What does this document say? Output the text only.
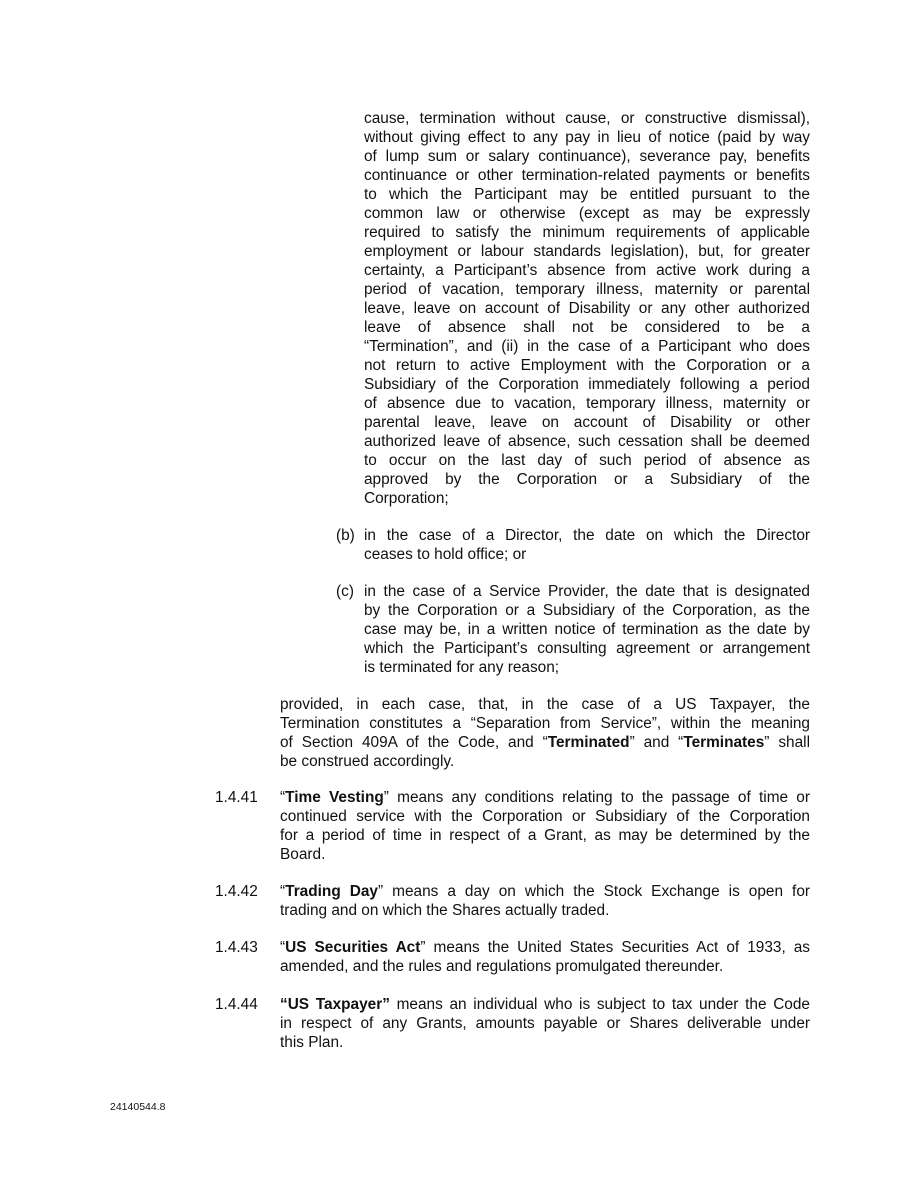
cause, termination without cause, or constructive dismissal),
without giving effect to any pay in lieu of notice (paid by way
of lump sum or salary continuance), severance pay, benefits
continuance or other termination-related payments or benefits
to which the Participant may be entitled pursuant to the
common law or otherwise (except as may be expressly
required to satisfy the minimum requirements of applicable
employment or labour standards legislation), but, for greater
certainty, a Participant’s absence from active work during a
period of vacation, temporary illness, maternity or parental
leave, leave on account of Disability or any other authorized
leave of absence shall not be considered to be a
“Termination”, and (ii) in the case of a Participant who does
not return to active Employment with the Corporation or a
Subsidiary of the Corporation immediately following a period
of absence due to vacation, temporary illness, maternity or
parental leave, leave on account of Disability or other
authorized leave of absence, such cessation shall be deemed
to occur on the last day of such period of absence as
approved by the Corporation or a Subsidiary of the
Corporation;
(b) in the case of a Director, the date on which the Director
ceases to hold office; or
(c) in the case of a Service Provider, the date that is designated
by the Corporation or a Subsidiary of the Corporation, as the
case may be, in a written notice of termination as the date by
which the Participant’s consulting agreement or arrangement
is terminated for any reason;
provided, in each case, that, in the case of a US Taxpayer, the
Termination constitutes a “Separation from Service”, within the meaning
of Section 409A of the Code, and “Terminated” and “Terminates” shall
be construed accordingly.
1.4.41 “Time Vesting” means any conditions relating to the passage of time or
continued service with the Corporation or Subsidiary of the Corporation
for a period of time in respect of a Grant, as may be determined by the
Board.
1.4.42 “Trading Day” means a day on which the Stock Exchange is open for
trading and on which the Shares actually traded.
1.4.43 “US Securities Act” means the United States Securities Act of 1933, as
amended, and the rules and regulations promulgated thereunder.
1.4.44 “US Taxpayer” means an individual who is subject to tax under the Code
in respect of any Grants, amounts payable or Shares deliverable under
this Plan.
24140544.8
